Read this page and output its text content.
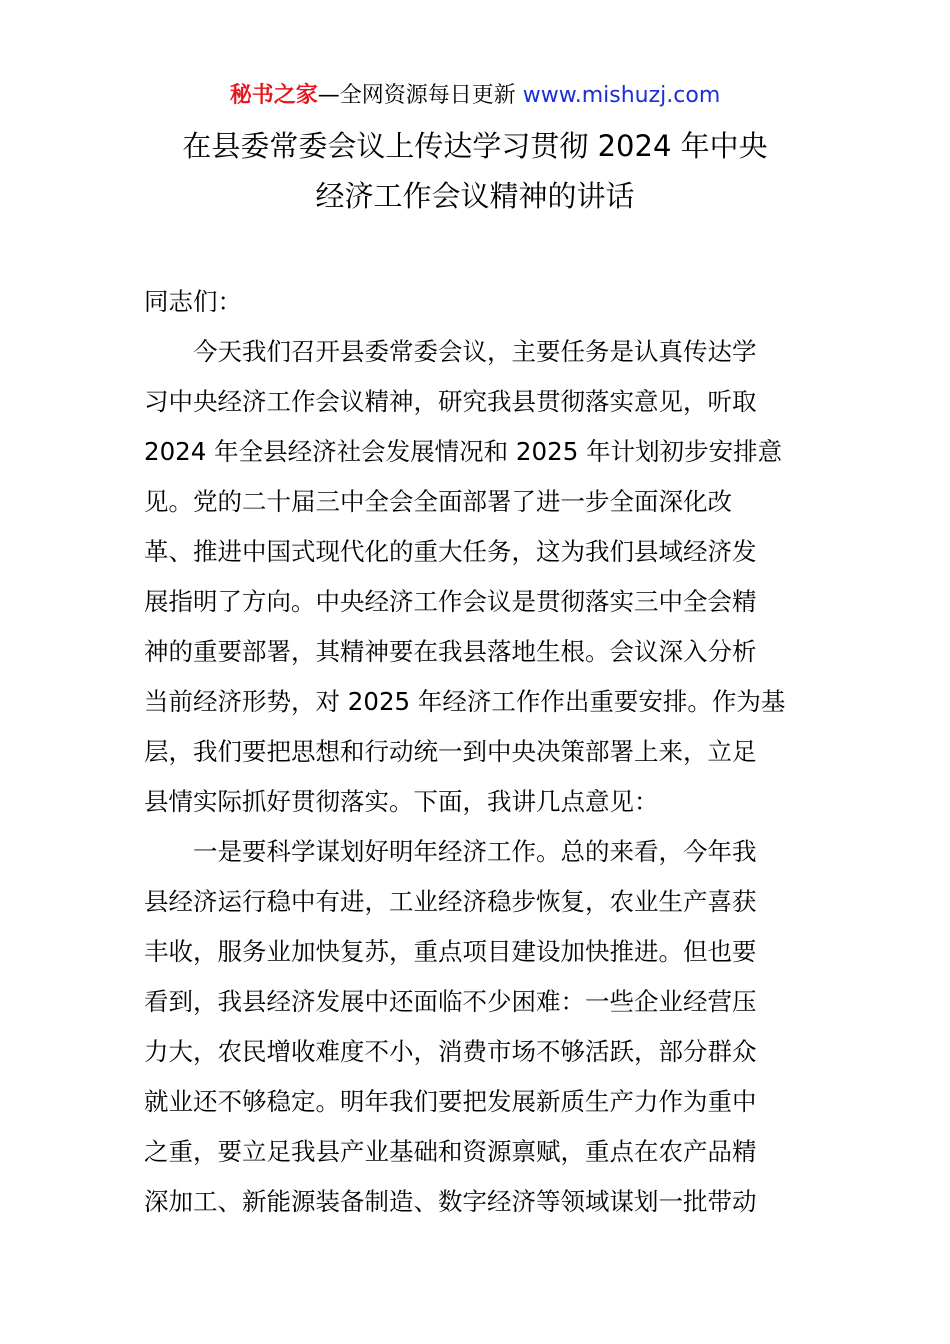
秘书之家—全网资源每日更新 www.mishuzj.com
在县委常委会议上传达学习贯彻 2024 年中央
经济工作会议精神的讲话

同志们：

今天我们召开县委常委会议，主要任务是认真传达学

习中央经济工作会议精神，研究我县贯彻落实意见，听取

2024 年全县经济社会发展情况和 2025 年计划初步安排意

见。党的二十届三中全会全面部署了进一步全面深化改

革、推进中国式现代化的重大任务，这为我们县域经济发

展指明了方向。中央经济工作会议是贯彻落实三中全会精

神的重要部署，其精神要在我县落地生根。会议深入分析

当前经济形势，对 2025 年经济工作作出重要安排。作为基

层，我们要把思想和行动统一到中央决策部署上来，立足

县情实际抓好贯彻落实。下面，我讲几点意见：

一是要科学谋划好明年经济工作。总的来看，今年我

县经济运行稳中有进，工业经济稳步恢复，农业生产喜获

丰收，服务业加快复苏，重点项目建设加快推进。但也要

看到，我县经济发展中还面临不少困难：一些企业经营压

力大，农民增收难度不小，消费市场不够活跃，部分群众

就业还不够稳定。明年我们要把发展新质生产力作为重中

之重，要立足我县产业基础和资源禀赋，重点在农产品精

深加工、新能源装备制造、数字经济等领域谋划一批带动
